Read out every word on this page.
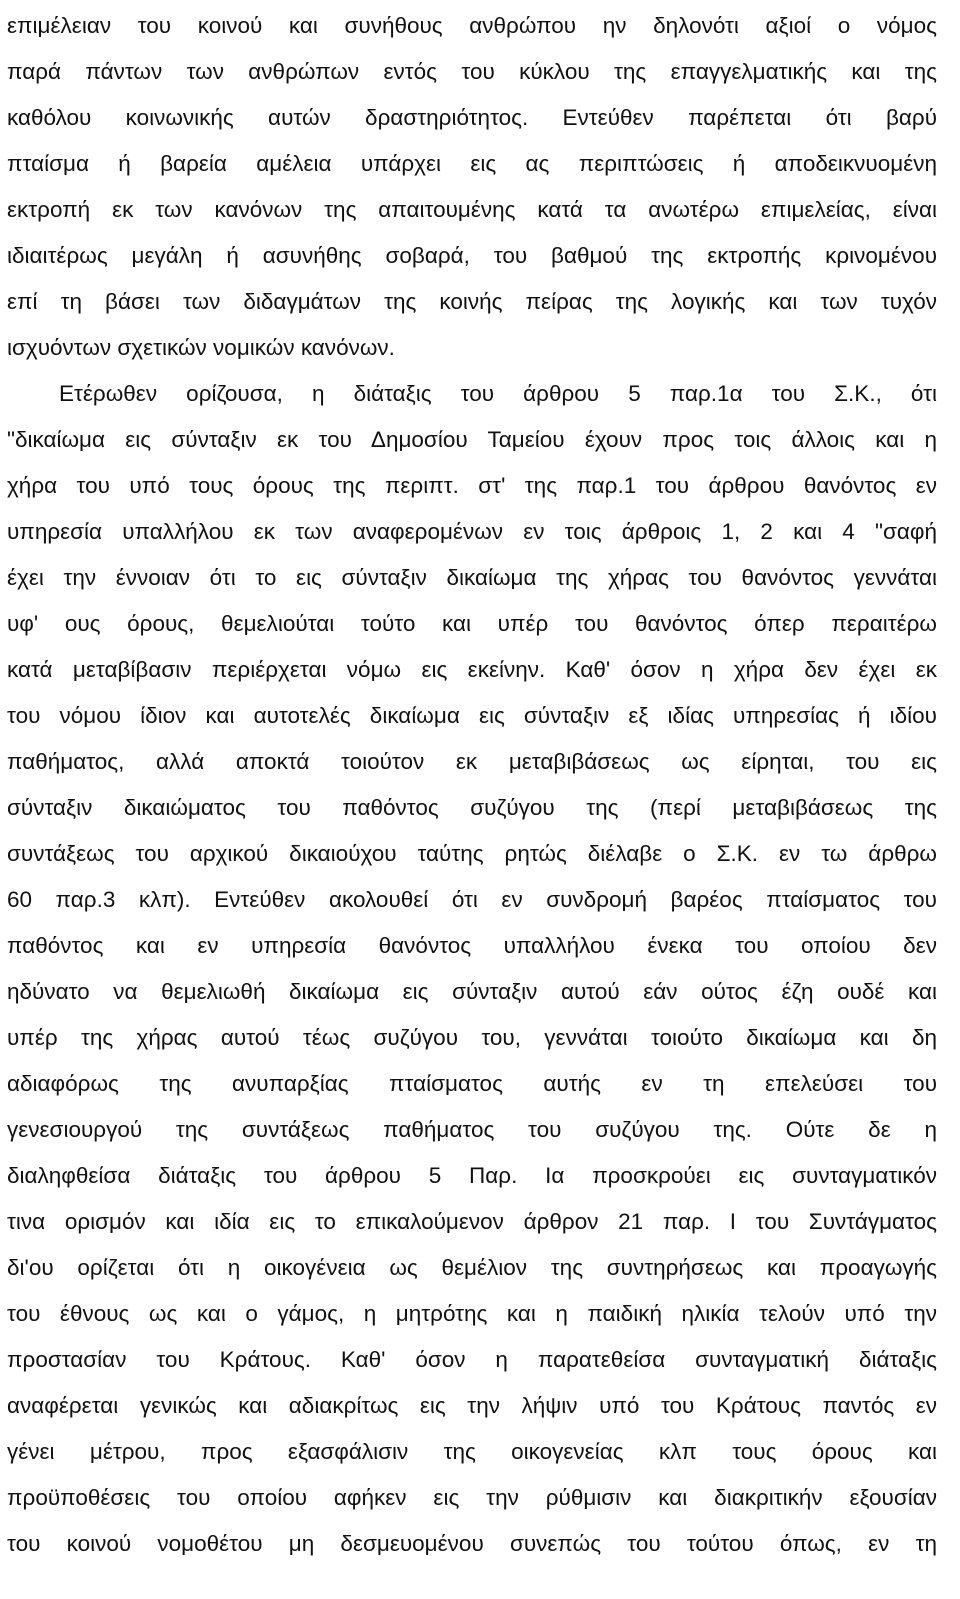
επιμέλειαν του κοινού και συνήθους ανθρώπου ην δηλονότι αξιοί ο νόμος
παρά πάντων των ανθρώπων εντός του κύκλου της επαγγελματικής και της
καθόλου κοινωνικής αυτών δραστηριότητος. Εντεύθεν παρέπεται ότι βαρύ
πταίσμα ή βαρεία αμέλεια υπάρχει εις ας περιπτώσεις ή αποδεικνυομένη
εκτροπή εκ των κανόνων της απαιτουμένης κατά τα ανωτέρω επιμελείας, είναι
ιδιαιτέρως μεγάλη ή ασυνήθης σοβαρά, του βαθμού της εκτροπής κρινομένου
επί τη βάσει των διδαγμάτων της κοινής πείρας της λογικής και των τυχόν
ισχυόντων σχετικών νομικών κανόνων.
Ετέρωθεν ορίζουσα, η διάταξις του άρθρου 5 παρ.1α του Σ.Κ., ότι
"δικαίωμα εις σύνταξιν εκ του Δημοσίου Ταμείου έχουν προς τοις άλλοις και η
χήρα του υπό τους όρους της περιπτ. στ' της παρ.1 του άρθρου θανόντος εν
υπηρεσία υπαλλήλου εκ των αναφερομένων εν τοις άρθροις 1, 2 και 4 "σαφή
έχει την έννοιαν ότι το εις σύνταξιν δικαίωμα της χήρας του θανόντος γεννάται
υφ' ους όρους, θεμελιούται τούτο και υπέρ του θανόντος όπερ περαιτέρω
κατά μεταβίβασιν περιέρχεται νόμω εις εκείνην. Καθ' όσον η χήρα δεν έχει εκ
του νόμου ίδιον και αυτοτελές δικαίωμα εις σύνταξιν εξ ιδίας υπηρεσίας ή ιδίου
παθήματος, αλλά αποκτά τοιούτον εκ μεταβιβάσεως ως είρηται, του εις
σύνταξιν δικαιώματος του παθόντος συζύγου της (περί μεταβιβάσεως της
συντάξεως του αρχικού δικαιούχου ταύτης ρητώς διέλαβε ο Σ.Κ. εν τω άρθρω
60 παρ.3 κλπ). Εντεύθεν ακολουθεί ότι εν συνδρομή βαρέος πταίσματος του
παθόντος και εν υπηρεσία θανόντος υπαλλήλου ένεκα του οποίου δεν
ηδύνατο να θεμελιωθή δικαίωμα εις σύνταξιν αυτού εάν ούτος έζη ουδέ και
υπέρ της χήρας αυτού τέως συζύγου του, γεννάται τοιούτο δικαίωμα και δη
αδιαφόρως της ανυπαρξίας πταίσματος αυτής εν τη επελεύσει του
γενεσιουργού της συντάξεως παθήματος του συζύγου της. Ούτε δε η
διαληφθείσα διάταξις του άρθρου 5 Παρ. Ια προσκρούει εις συνταγματικόν
τινα ορισμόν και ιδία εις το επικαλούμενον άρθρον 21 παρ. Ι του Συντάγματος
δι'ου ορίζεται ότι η οικογένεια ως θεμέλιον της συντηρήσεως και προαγωγής
του έθνους ως και ο γάμος, η μητρότης και η παιδική ηλικία τελούν υπό την
προστασίαν του Κράτους. Καθ' όσον η παρατεθείσα συνταγματική διάταξις
αναφέρεται γενικώς και αδιακρίτως εις την λήψιν υπό του Κράτους παντός εν
γένει μέτρου, προς εξασφάλισιν της οικογενείας κλπ τους όρους και
προϋποθέσεις του οποίου αφήκεν εις την ρύθμισιν και διακριτικήν εξουσίαν
του κοινού νομοθέτου μη δεσμευομένου συνεπώς του τούτου όπως, εν τη
